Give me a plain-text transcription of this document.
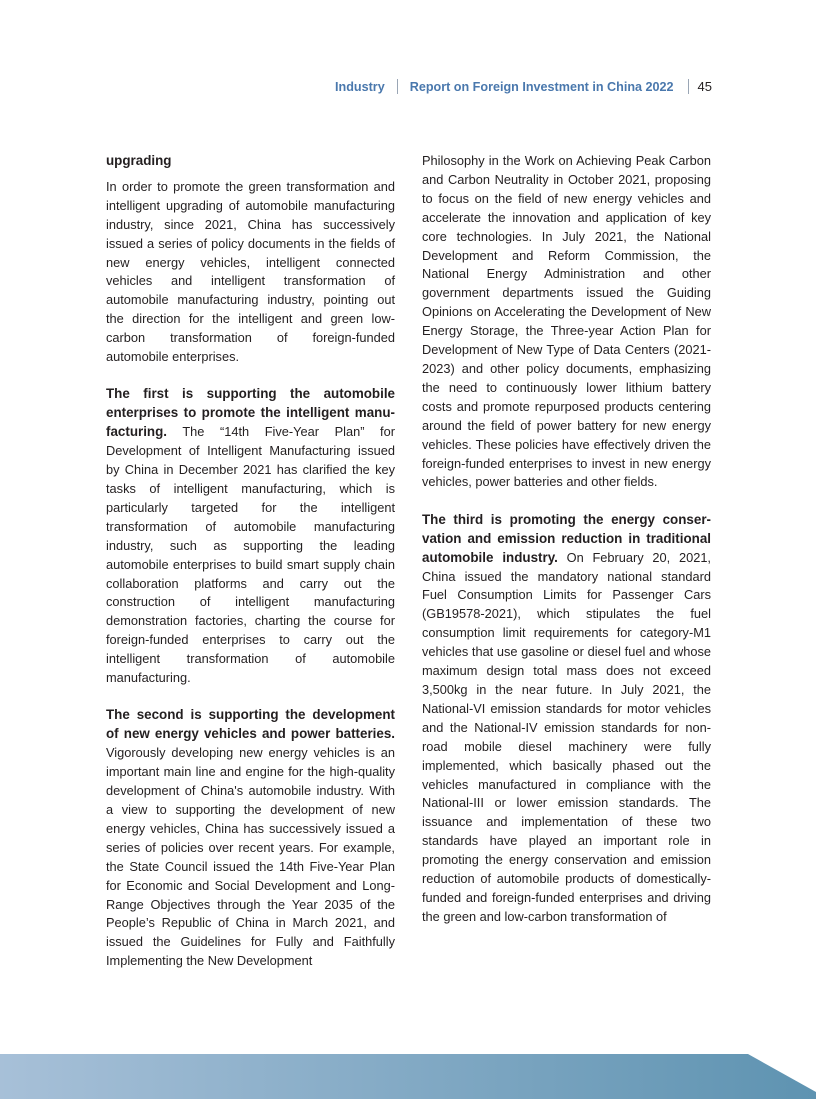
Industry Report on Foreign Investment in China 2022 45

upgrading

In order to promote the green transformation and intelligent upgrading of automobile manufacturing industry, since 2021, China has successively issued a series of policy documents in the fields of new energy vehicles, intelligent connected vehicles and intelligent transformation of automobile manufacturing industry, pointing out the direction for the intelligent and green low-carbon transformation of foreign-funded automobile enterprises.

The first is supporting the automobile enterprises to promote the intelligent manufacturing. The “14th Five-Year Plan” for Development of Intelligent Manufacturing issued by China in December 2021 has clarified the key tasks of intelligent manufacturing, which is particularly targeted for the intelligent transformation of automobile manufacturing industry, such as supporting the leading automobile enterprises to build smart supply chain collaboration platforms and carry out the construction of intelligent manufacturing demonstration factories, charting the course for foreign-funded enterprises to carry out the intelligent transformation of automobile manufacturing.

The second is supporting the development of new energy vehicles and power batteries. Vigorously developing new energy vehicles is an important main line and engine for the high-quality development of China's automobile industry. With a view to supporting the development of new energy vehicles, China has successively issued a series of policies over recent years. For example, the State Council issued the 14th Five-Year Plan for Economic and Social Development and Long-Range Objectives through the Year 2035 of the People’s Republic of China in March 2021, and issued the Guidelines for Fully and Faithfully Implementing the New Development

Philosophy in the Work on Achieving Peak Carbon and Carbon Neutrality in October 2021, proposing to focus on the field of new energy vehicles and accelerate the innovation and application of key core technologies. In July 2021, the National Development and Reform Commission, the National Energy Administration and other government departments issued the Guiding Opinions on Accelerating the Development of New Energy Storage, the Three-year Action Plan for Development of New Type of Data Centers (2021-2023) and other policy documents, emphasizing the need to continuously lower lithium battery costs and promote repurposed products centering around the field of power battery for new energy vehicles. These policies have effectively driven the foreign-funded enterprises to invest in new energy vehicles, power batteries and other fields.

The third is promoting the energy conservation and emission reduction in traditional automobile industry. On February 20, 2021, China issued the mandatory national standard Fuel Consumption Limits for Passenger Cars (GB19578-2021), which stipulates the fuel consumption limit requirements for category-M1 vehicles that use gasoline or diesel fuel and whose maximum design total mass does not exceed 3,500kg in the near future. In July 2021, the National-VI emission standards for motor vehicles and the National-IV emission standards for non-road mobile diesel machinery were fully implemented, which basically phased out the vehicles manufactured in compliance with the National-III or lower emission standards. The issuance and implementation of these two standards have played an important role in promoting the energy conservation and emission reduction of automobile products of domestically-funded and foreign-funded enterprises and driving the green and low-carbon transformation of
